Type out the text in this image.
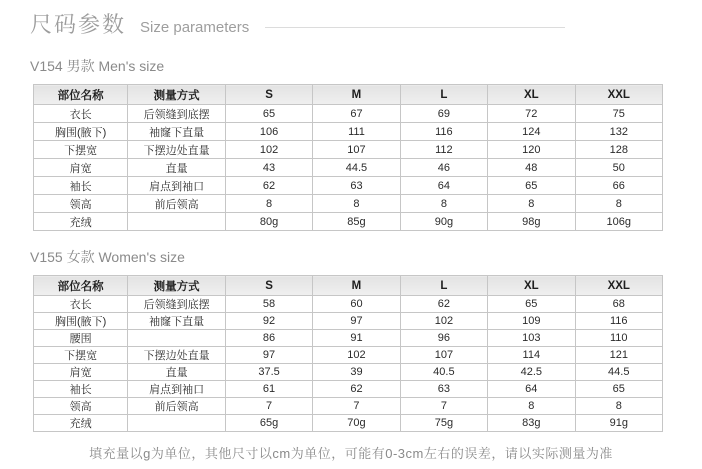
尺码参数 Size parameters
V154 男款 Men's size
部位名称	测量方式	S	M	L	XL	XXL
衣长	后领缝到底摆	65	67	69	72	75
胸围(腋下)	袖窿下直量	106	111	116	124	132
下摆宽	下摆边处直量	102	107	112	120	128
肩宽	直量	43	44.5	46	48	50
袖长	肩点到袖口	62	63	64	65	66
领高	前后领高	8	8	8	8	8
充绒		80g	85g	90g	98g	106g
V155 女款 Women's size
部位名称	测量方式	S	M	L	XL	XXL
衣长	后领缝到底摆	58	60	62	65	68
胸围(腋下)	袖窿下直量	92	97	102	109	116
腰围		86	91	96	103	110
下摆宽	下摆边处直量	97	102	107	114	121
肩宽	直量	37.5	39	40.5	42.5	44.5
袖长	肩点到袖口	61	62	63	64	65
领高	前后领高	7	7	7	8	8
充绒		65g	70g	75g	83g	91g
填充量以g为单位，其他尺寸以cm为单位，可能有0-3cm左右的误差，请以实际测量为准
